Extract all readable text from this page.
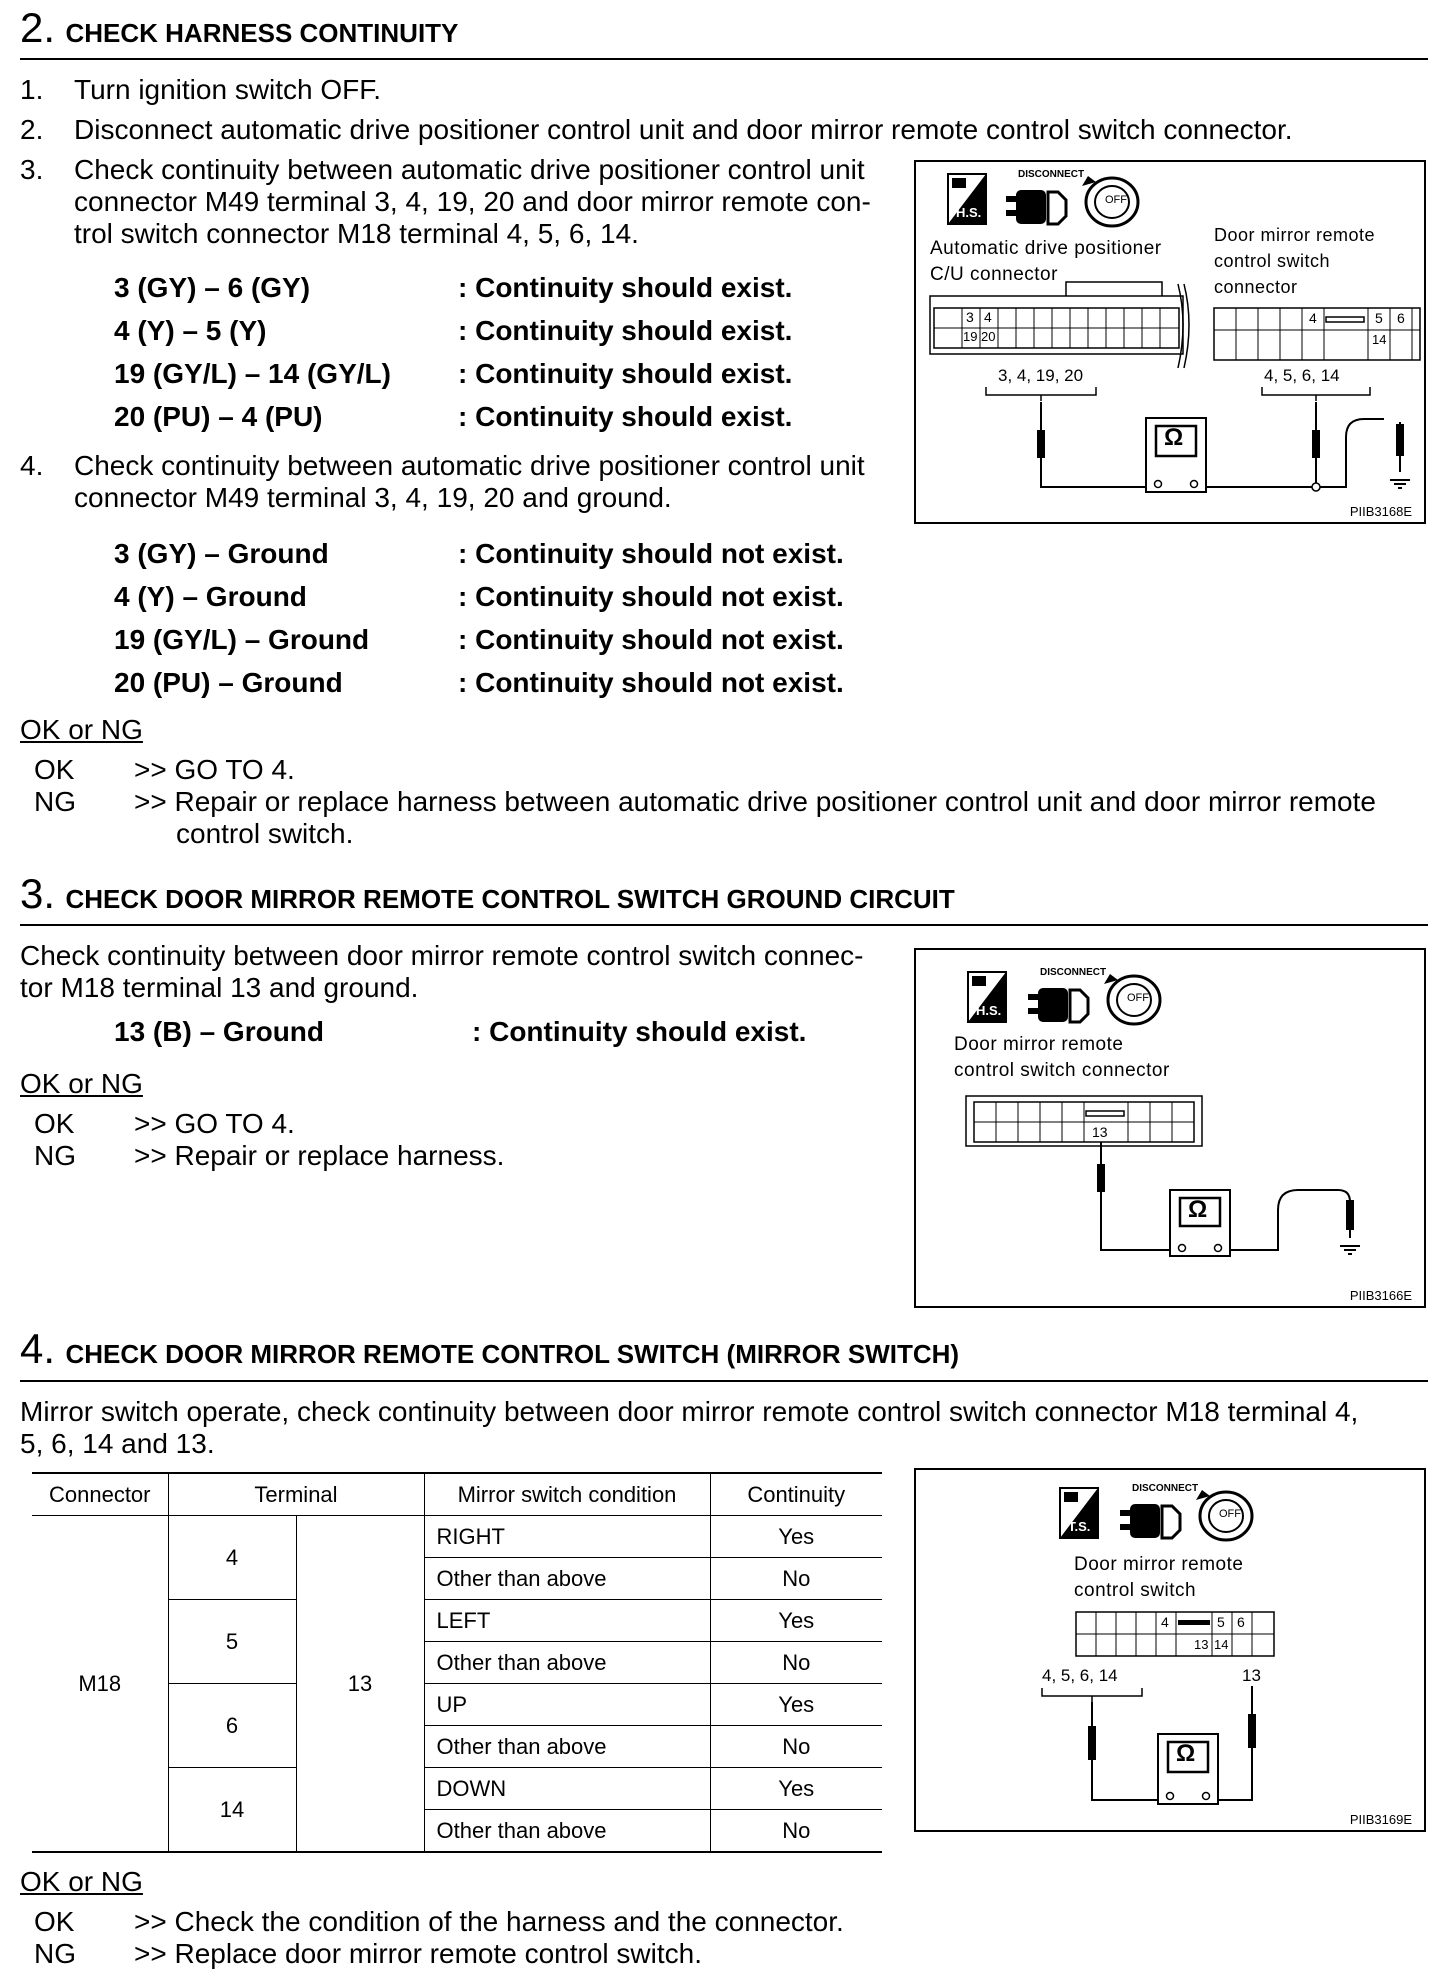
2. CHECK HARNESS CONTINUITY
1. Turn ignition switch OFF.
2. Disconnect automatic drive positioner control unit and door mirror remote control switch connector.
3. Check continuity between automatic drive positioner control unit
connector M49 terminal 3, 4, 19, 20 and door mirror remote con-
trol switch connector M18 terminal 4, 5, 6, 14.
3 (GY) – 6 (GY)	: Continuity should exist.
4 (Y) – 5 (Y)	: Continuity should exist.
19 (GY/L) – 14 (GY/L) : Continuity should exist.
20 (PU) – 4 (PU)	: Continuity should exist.
4. Check continuity between automatic drive positioner control unit
connector M49 terminal 3, 4, 19, 20 and ground.
3 (GY) – Ground	: Continuity should not exist.
4 (Y) – Ground	: Continuity should not exist.
19 (GY/L) – Ground	: Continuity should not exist.
20 (PU) – Ground	: Continuity should not exist.
OK or NG
OK >> GO TO 4.
NG >> Repair or replace harness between automatic drive positioner control unit and door mirror remote
control switch.
H.S.
DISCONNECT
OFF
Automatic drive positioner
C/U connector
Door mirror remote
control switch
connector
3 4
19 20
4	5 6
14
3, 4, 19, 20	4, 5, 6, 14
Ω
PIIB3168E
3. CHECK DOOR MIRROR REMOTE CONTROL SWITCH GROUND CIRCUIT
Check continuity between door mirror remote control switch connec-
tor M18 terminal 13 and ground.
13 (B) – Ground	: Continuity should exist.
OK or NG
OK >> GO TO 4.
NG >> Repair or replace harness.
H.S.
DISCONNECT
OFF
Door mirror remote
control switch connector
13
Ω
PIIB3166E
4. CHECK DOOR MIRROR REMOTE CONTROL SWITCH (MIRROR SWITCH)
Mirror switch operate, check continuity between door mirror remote control switch connector M18 terminal 4,
5, 6, 14 and 13.
Connector	Terminal		Mirror switch condition	Continuity
M18	4	13	RIGHT	Yes
			Other than above	No
	5		LEFT	Yes
			Other than above	No
	6		UP	Yes
			Other than above	No
	14		DOWN	Yes
			Other than above	No
OK or NG
OK >> Check the condition of the harness and the connector.
NG >> Replace door mirror remote control switch.
T.S.
DISCONNECT
OFF
Door mirror remote
control switch
4	5 6
13 14
4, 5, 6, 14	13
Ω
PIIB3169E
